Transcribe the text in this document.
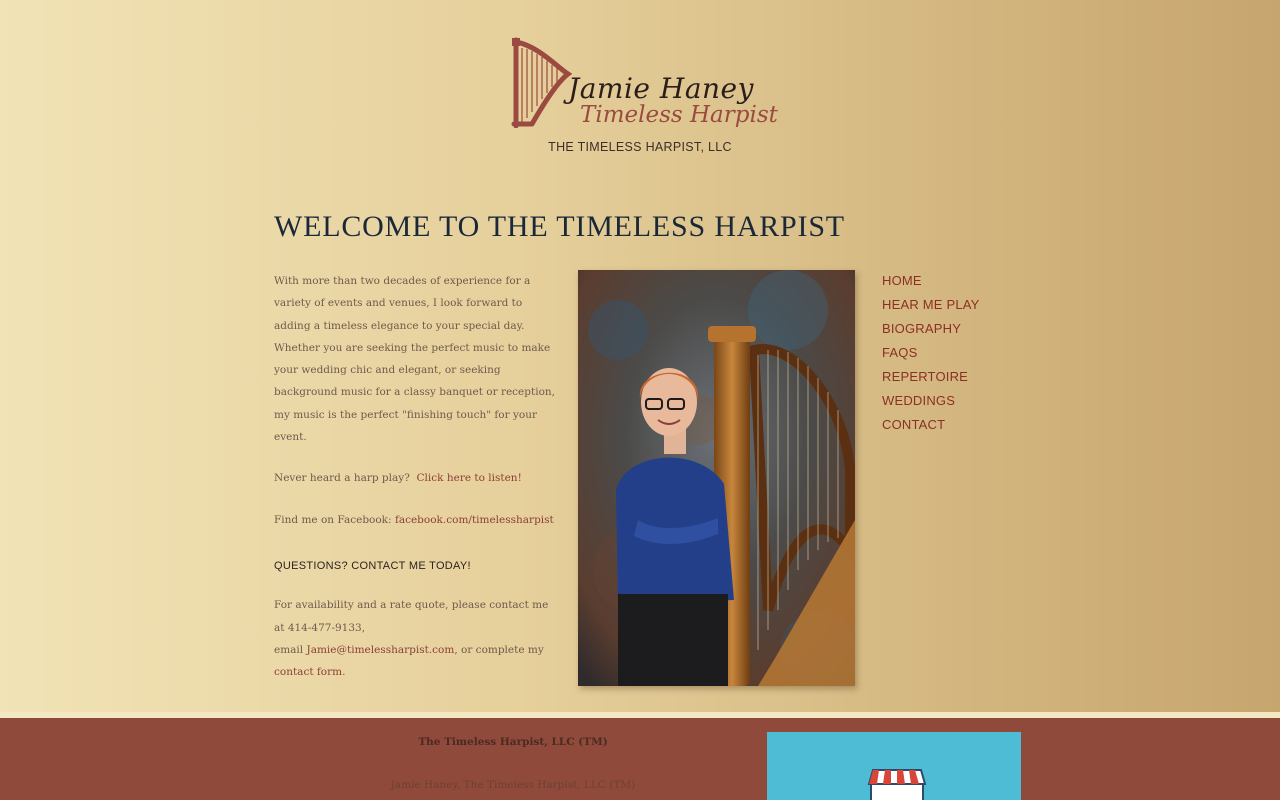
Jamie Haney
Timeless Harpist
THE TIMELESS HARPIST, LLC
WELCOME TO THE TIMELESS HARPIST

With more than two decades of experience for a variety of events and venues, I look forward to adding a timeless elegance to your special day. Whether you are seeking the perfect music to make your wedding chic and elegant, or seeking background music for a classy banquet or reception, my music is the perfect "finishing touch" for your event.

Never heard a harp play? Click here to listen!

Find me on Facebook: facebook.com/timelessharpist

QUESTIONS? CONTACT ME TODAY!

For availability and a rate quote, please contact me at 414-477-9133,
email Jamie@timelessharpist.com, or complete my contact form.

HOME
HEAR ME PLAY
BIOGRAPHY
FAQS
REPERTOIRE
WEDDINGS
CONTACT
The Timeless Harpist, LLC (TM)
Jamie Haney, The Timeless Harpist, LLC (TM)
